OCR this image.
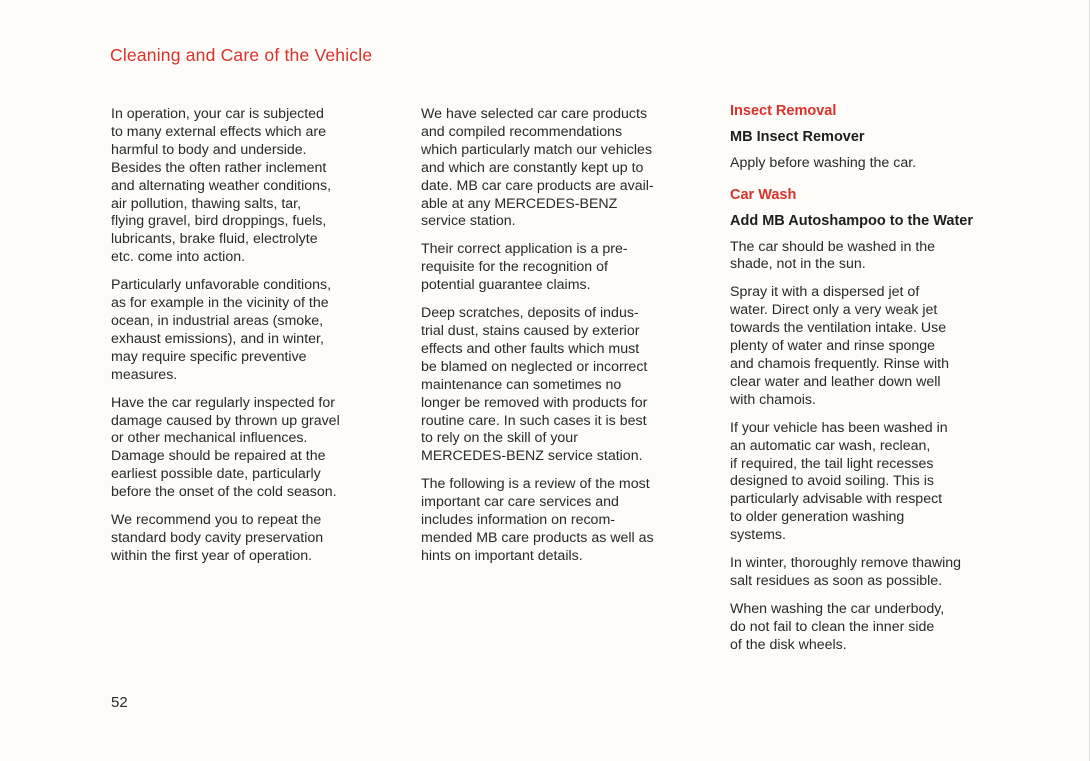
Cleaning and Care of the Vehicle

In operation, your car is subjected
to many external effects which are
harmful to body and underside.
Besides the often rather inclement
and alternating weather conditions,
air pollution, thawing salts, tar,
flying gravel, bird droppings, fuels,
lubricants, brake fluid, electrolyte
etc. come into action.

Particularly unfavorable conditions,
as for example in the vicinity of the
ocean, in industrial areas (smoke,
exhaust emissions), and in winter,
may require specific preventive
measures.

Have the car regularly inspected for
damage caused by thrown up gravel
or other mechanical influences.
Damage should be repaired at the
earliest possible date, particularly
before the onset of the cold season.

We recommend you to repeat the
standard body cavity preservation
within the first year of operation.

We have selected car care products
and compiled recommendations
which particularly match our vehicles
and which are constantly kept up to
date. MB car care products are avail-
able at any MERCEDES-BENZ
service station.

Their correct application is a pre-
requisite for the recognition of
potential guarantee claims.

Deep scratches, deposits of indus-
trial dust, stains caused by exterior
effects and other faults which must
be blamed on neglected or incorrect
maintenance can sometimes no
longer be removed with products for
routine care. In such cases it is best
to rely on the skill of your
MERCEDES-BENZ service station.

The following is a review of the most
important car care services and
includes information on recom-
mended MB care products as well as
hints on important details.

Insect Removal
MB Insect Remover

Apply before washing the car.

Car Wash
Add MB Autoshampoo to the Water

The car should be washed in the
shade, not in the sun.

Spray it with a dispersed jet of
water. Direct only a very weak jet
towards the ventilation intake. Use
plenty of water and rinse sponge
and chamois frequently. Rinse with
clear water and leather down well
with chamois.

If your vehicle has been washed in
an automatic car wash, reclean,
if required, the tail light recesses
designed to avoid soiling. This is
particularly advisable with respect
to older generation washing
systems.

In winter, thoroughly remove thawing
salt residues as soon as possible.

When washing the car underbody,
do not fail to clean the inner side
of the disk wheels.

52
